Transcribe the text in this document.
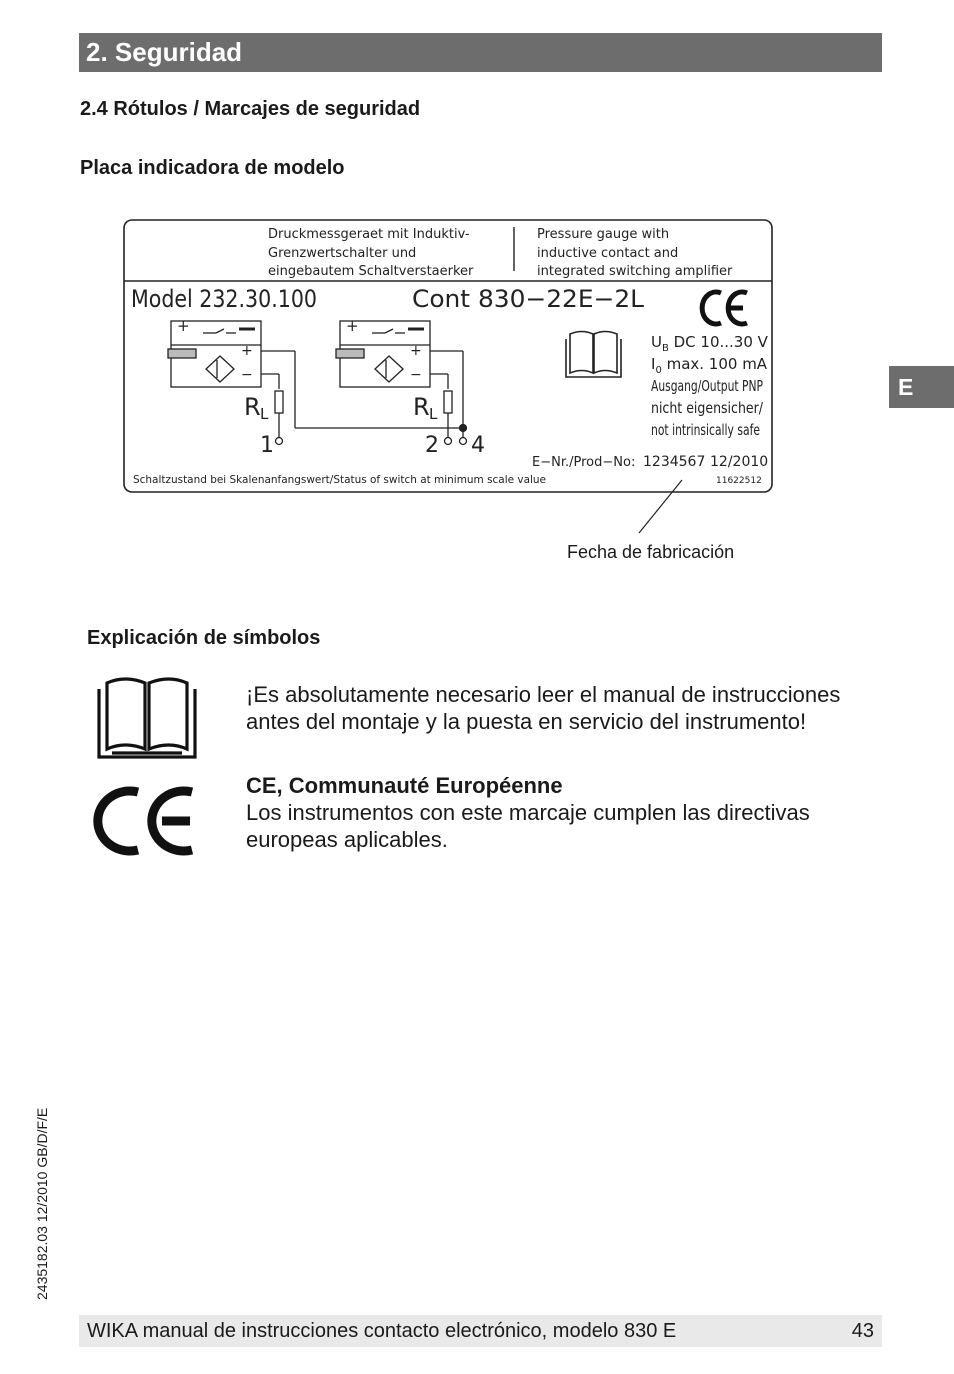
2. Seguridad
2.4 Rótulos / Marcajes de seguridad
Placa indicadora de modelo
Druckmessgeraet mit Induktiv-
Grenzwertschalter und
eingebautem Schaltverstaerker
Pressure gauge with
inductive contact and
integrated switching amplifier
Model 232.30.100	Cont 830−22E−2L
+
+
−
R L
1
+
+
−
R L
2 4
$U_B$ DC 10...30 V
$I_0$ max. 100 mA
Ausgang/Output PNP
nicht eigensicher/
not intrinsically safe
E−Nr./Prod−No: 1234567 12/2010
11622512
Schaltzustand bei Skalenanfangswert/Status of switch at minimum scale value
Fecha de fabricación
Explicación de símbolos
¡Es absolutamente necesario leer el manual de instrucciones antes del montaje y la puesta en servicio del instrumento!
CE, Communauté Européenne
Los instrumentos con este marcaje cumplen las directivas europeas aplicables.
E
2435182.03 12/2010 GB/D/F/E
WIKA manual de instrucciones contacto electrónico, modelo 830 E	43
